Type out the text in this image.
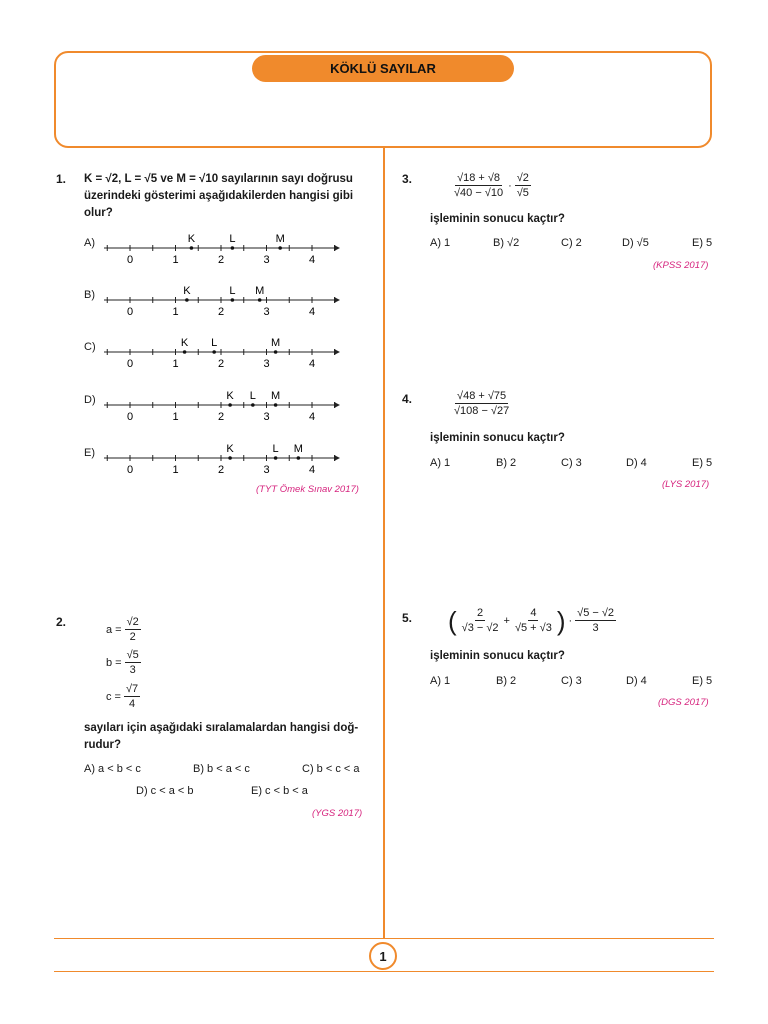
KÖKLÜ SAYILAR
1
1. K = √2, L = √5 ve M = √10 sayılarının sayı doğrusu
üzerindeki gösterimi aşağıdakilerden hangisi gibi
olur?
A)
0	1	2	3	4
K	L	M
B)
0	1	2	3	4
K	L M
C)
0	1	2	3	4
K L	M
D)
0	1	2	3	4
K L M
E)
0	1	2	3	4
K	L M
(TYT Ömek Sınav 2017)
2.
$a = \frac{√2}{2}$
$b = \frac{√5}{3}$
$c = \frac{√7}{4}$
sayıları için aşağıdaki sıralamalardan hangisi doğ-
rudur?
A) a < b < c	B) b < a < c	C) b < c < a
D) c < a < b	E) c < b < a
(YGS 2017)
3.	$\frac{√18 + √8}{√40 - √10} \cdot \frac{√2}{√5}$
işleminin sonucu kaçtır?
A) 1	B) √2	C) 2	D) √5	E) 5
(KPSS 2017)
4.	$\frac{√48 + √75}{√108 - √27}$
işleminin sonucu kaçtır?
A) 1	B) 2	C) 3	D) 4	E) 5
(LYS 2017)
5. ( $\frac{2}{√3 - √2} + \frac{4}{√5 + √3}$ ) · $\frac{√5 - √2}{3}$
işleminin sonucu kaçtır?
A) 1	B) 2	C) 3	D) 4	E) 5
(DGS 2017)
